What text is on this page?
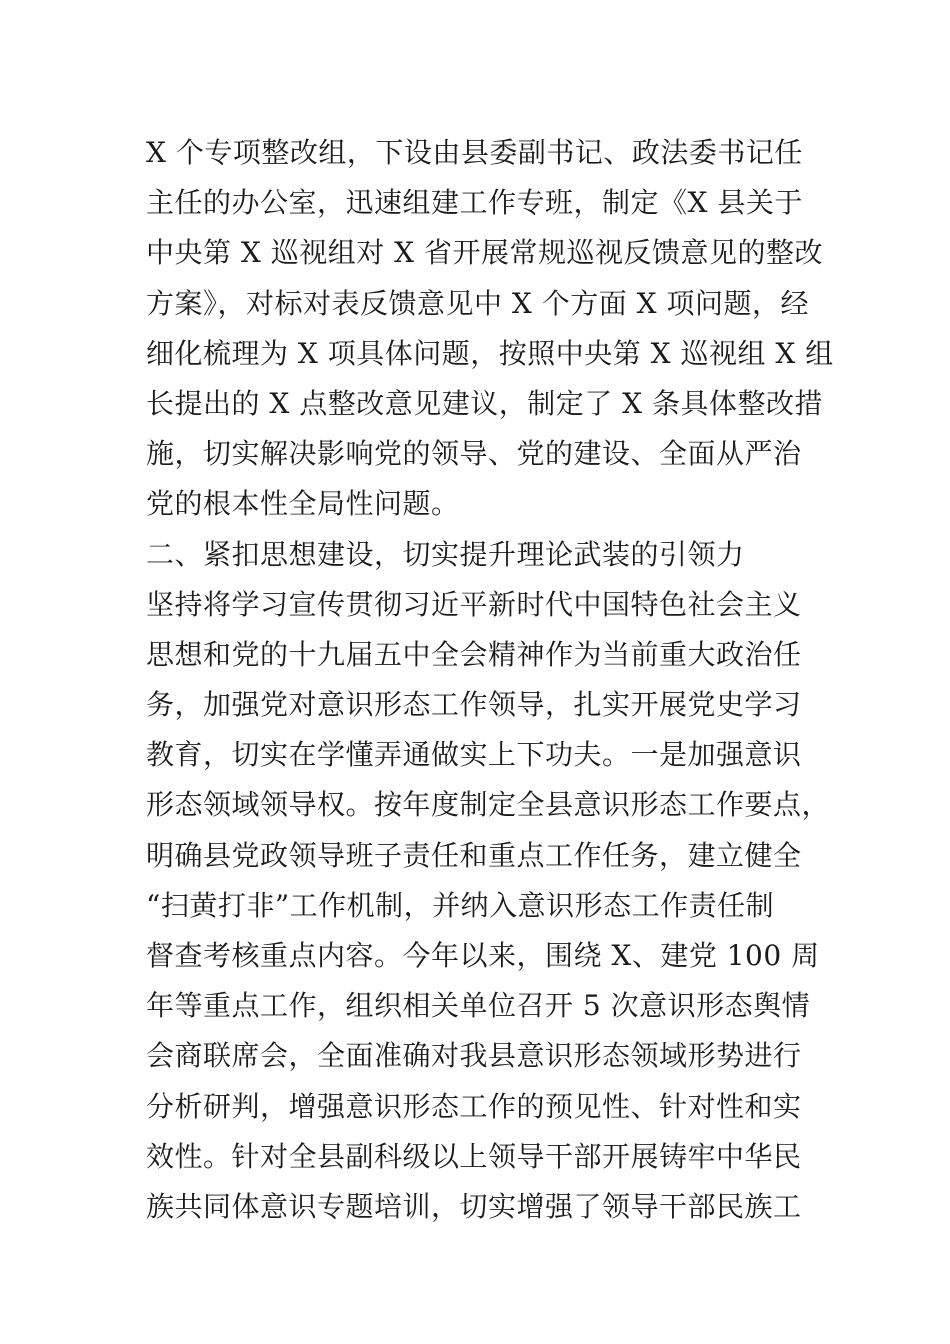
X 个专项整改组，下设由县委副书记、政法委书记任
主任的办公室，迅速组建工作专班，制定《X 县关于
中央第 X 巡视组对 X 省开展常规巡视反馈意见的整改
方案》，对标对表反馈意见中 X 个方面 X 项问题，经
细化梳理为 X 项具体问题，按照中央第 X 巡视组 X 组
长提出的 X 点整改意见建议，制定了 X 条具体整改措
施，切实解决影响党的领导、党的建设、全面从严治
党的根本性全局性问题。
二、紧扣思想建设，切实提升理论武装的引领力
坚持将学习宣传贯彻习近平新时代中国特色社会主义
思想和党的十九届五中全会精神作为当前重大政治任
务，加强党对意识形态工作领导，扎实开展党史学习
教育，切实在学懂弄通做实上下功夫。一是加强意识
形态领域领导权。按年度制定全县意识形态工作要点，
明确县党政领导班子责任和重点工作任务，建立健全
“扫黄打非”工作机制，并纳入意识形态工作责任制
督查考核重点内容。今年以来，围绕 X、建党 100 周
年等重点工作，组织相关单位召开 5 次意识形态舆情
会商联席会，全面准确对我县意识形态领域形势进行
分析研判，增强意识形态工作的预见性、针对性和实
效性。针对全县副科级以上领导干部开展铸牢中华民
族共同体意识专题培训，切实增强了领导干部民族工
